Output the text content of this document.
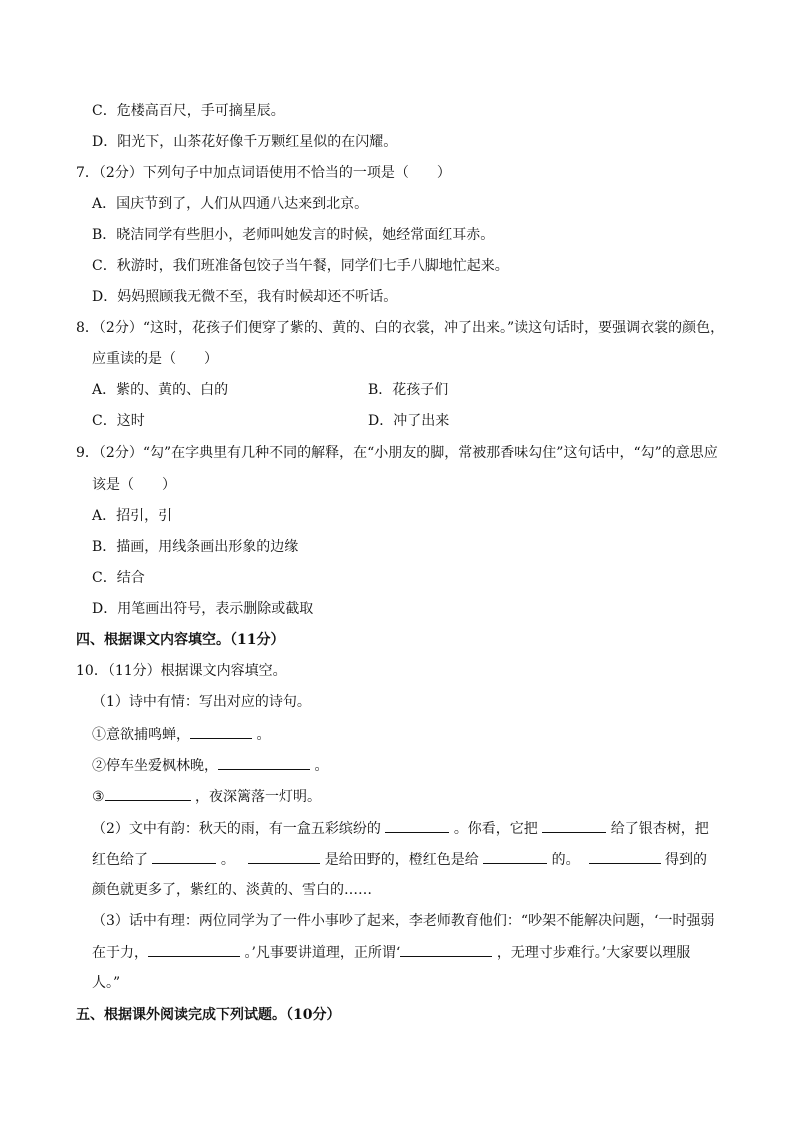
C．危楼高百尺，手可摘星辰。
D．阳光下，山茶花好像千万颗红星似的在闪耀。
7．（2分）下列句子中加点词语使用不恰当的一项是（　　）
A．国庆节到了，人们从四通八达来到北京。
B．晓洁同学有些胆小，老师叫她发言的时候，她经常面红耳赤。
C．秋游时，我们班准备包饺子当午餐，同学们七手八脚地忙起来。
D．妈妈照顾我无微不至，我有时候却还不听话。
8．（2分）“这时，花孩子们便穿了紫的、黄的、白的衣裳，冲了出来。”读这句话时，要强调衣裳的颜色，
应重读的是（　　）
A．紫的、黄的、白的	B．花孩子们
C．这时	D．冲了出来
9．（2分）“勾”在字典里有几种不同的解释，在“小朋友的脚，常被那香味勾住”这句话中，“勾”的意思应
该是（　　）
A．招引，引
B．描画，用线条画出形象的边缘
C．结合
D．用笔画出符号，表示删除或截取
四、根据课文内容填空。（11分）
10．（11分）根据课文内容填空。
（1）诗中有情：写出对应的诗句。
①意欲捕鸣蝉，	。
②停车坐爱枫林晚，	。
③	，夜深篱落一灯明。
（2）文中有韵：秋天的雨，有一盒五彩缤纷的	。你看，它把	给了银杏树，把
红色给了	。	是给田野的，橙红色是给	的。	得到的
颜色就更多了，紫红的、淡黄的、雪白的……
（3）话中有理：两位同学为了一件小事吵了起来，李老师教育他们：“吵架不能解决问题，‘一时强弱
在于力，	。’凡事要讲道理，正所谓‘	，无理寸步难行。’大家要以理服
人。”
五、根据课外阅读完成下列试题。（10分）
